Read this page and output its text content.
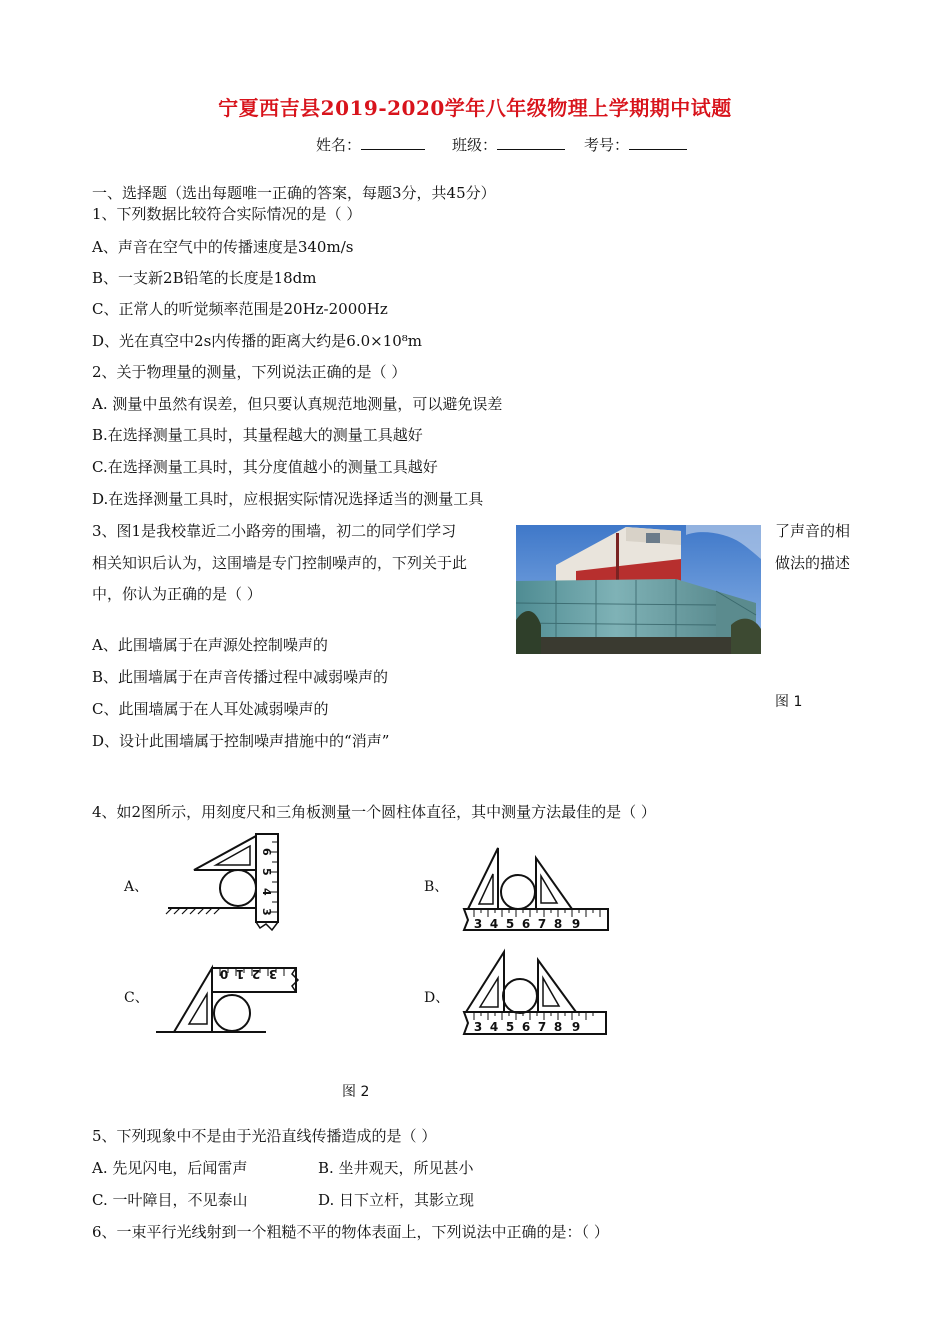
宁夏西吉县2019-2020学年八年级物理上学期期中试题
姓名：	班级：	考号：
一、选择题（选出每题唯一正确的答案，每题3分，共45分）
1、下列数据比较符合实际情况的是（ ）
A、声音在空气中的传播速度是340m/s
B、一支新2B铅笔的长度是18dm
C、正常人的听觉频率范围是20Hz-2000Hz
D、光在真空中2s内传播的距离大约是6.0×10⁸m
2、关于物理量的测量，下列说法正确的是（ ）
A. 测量中虽然有误差，但只要认真规范地测量，可以避免误差
B.在选择测量工具时，其量程越大的测量工具越好
C.在选择测量工具时，其分度值越小的测量工具越好
D.在选择测量工具时，应根据实际情况选择适当的测量工具
3、图1是我校靠近二小路旁的围墙，初二的同学们学习
相关知识后认为，这围墙是专门控制噪声的，下列关于此
中，你认为正确的是（ ）
了声音的相
做法的描述
图 1
A、此围墙属于在声源处控制噪声的
B、此围墙属于在声音传播过程中减弱噪声的
C、此围墙属于在人耳处减弱噪声的
D、设计此围墙属于控制噪声措施中的“消声”
4、如2图所示，用刻度尺和三角板测量一个圆柱体直径，其中测量方法最佳的是（ ）
A、	B、
C、	D、
6
5
4
3
3 4 5 6 7 8 9
3
2
1
0
3 4 5 6 7 8 9
图 2
5、下列现象中不是由于光沿直线传播造成的是（ ）
A. 先见闪电，后闻雷声	B. 坐井观天，所见甚小
C. 一叶障目，不见泰山	D. 日下立杆，其影立现
6、一束平行光线射到一个粗糙不平的物体表面上，下列说法中正确的是：（ ）
